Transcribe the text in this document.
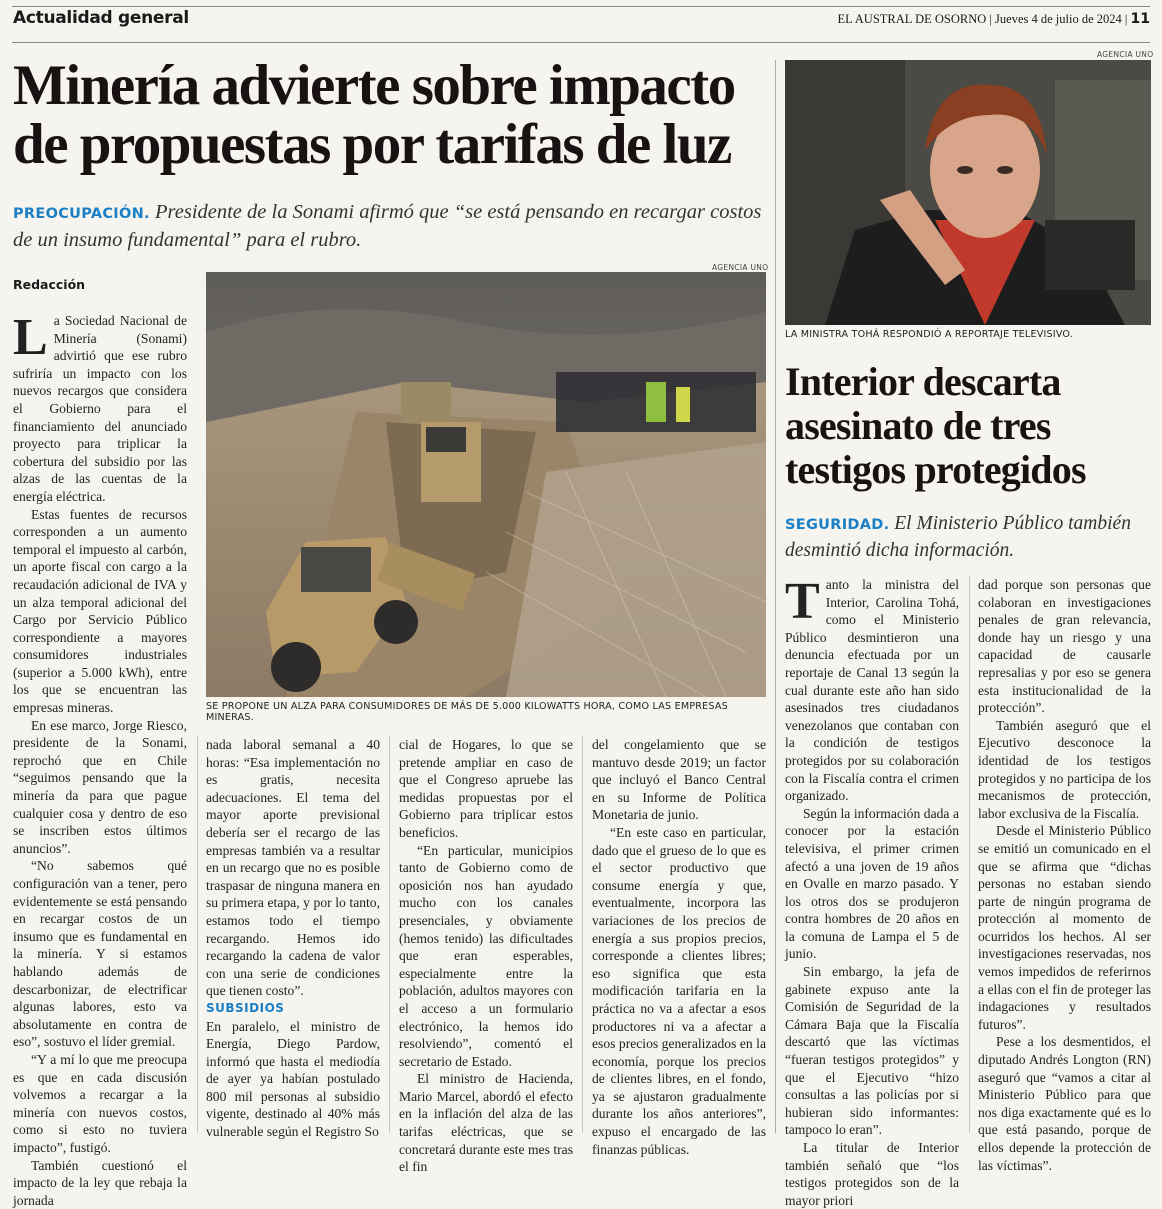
Actualidad general	EL AUSTRAL DE OSORNO | Jueves 4 de julio de 2024 | 11
Minería advierte sobre impacto de propuestas por tarifas de luz
PREOCUPACIÓN. Presidente de la Sonami afirmó que “se está pensando en recargar costos de un insumo fundamental” para el rubro.
Redacción

La Sociedad Nacional de Minería (Sonami) advirtió que ese rubro sufriría un impacto con los nuevos recargos que considera el Gobierno para el financiamiento del anunciado proyecto para triplicar la cobertura del subsidio por las alzas de las cuentas de la energía eléctrica.

Estas fuentes de recursos corresponden a un aumento temporal el impuesto al carbón, un aporte fiscal con cargo a la recaudación adicional de IVA y un alza temporal adicional del Cargo por Servicio Público correspondiente a mayores consumidores industriales (superior a 5.000 kWh), entre los que se encuentran las empresas mineras.

En ese marco, Jorge Riesco, presidente de la Sonami, reprochó que en Chile “seguimos pensando que la minería da para que pague cualquier cosa y dentro de eso se inscriben estos últimos anuncios”.

“No sabemos qué configuración van a tener, pero evidentemente se está pensando en recargar costos de un insumo que es fundamental en la minería. Y si estamos hablando además de descarbonizar, de electrificar algunas labores, esto va absolutamente en contra de eso”, sostuvo el líder gremial.

“Y a mí lo que me preocupa es que en cada discusión volvemos a recargar a la minería con nuevos costos, como si esto no tuviera impacto”, fustigó.

También cuestionó el impacto de la ley que rebaja la jornada

AGENCIA UNO
SE PROPONE UN ALZA PARA CONSUMIDORES DE MÁS DE 5.000 KILOWATTS HORA, COMO LAS EMPRESAS MINERAS.

nada laboral semanal a 40 horas: “Esa implementación no es gratis, necesita adecuaciones. El tema del mayor aporte previsional debería ser el recargo de las empresas también va a resultar en un recargo que no es posible traspasar de ninguna manera en su primera etapa, y por lo tanto, estamos todo el tiempo recargando. Hemos ido recargando la cadena de valor con una serie de condiciones que tienen costo”.

SUBSIDIOS

En paralelo, el ministro de Energía, Diego Pardow, informó que hasta el mediodía de ayer ya habían postulado 800 mil personas al subsidio vigente, destinado al 40% más vulnerable según el Registro So

cial de Hogares, lo que se pretende ampliar en caso de que el Congreso apruebe las medidas propuestas por el Gobierno para triplicar estos beneficios.

“En particular, municipios tanto de Gobierno como de oposición nos han ayudado mucho con los canales presenciales, y obviamente (hemos tenido) las dificultades que eran esperables, especialmente entre la población, adultos mayores con el acceso a un formulario electrónico, la hemos ido resolviendo”, comentó el secretario de Estado.

El ministro de Hacienda, Mario Marcel, abordó el efecto en la inflación del alza de las tarifas eléctricas, que se concretará durante este mes tras el fin

del congelamiento que se mantuvo desde 2019; un factor que incluyó el Banco Central en su Informe de Política Monetaria de junio.

“En este caso en particular, dado que el grueso de lo que es el sector productivo que consume energía y que, eventualmente, incorpora las variaciones de los precios de energía a sus propios precios, corresponde a clientes libres; eso significa que esta modificación tarifaria en la práctica no va a afectar a esos productores ni va a afectar a esos precios generalizados en la economía, porque los precios de clientes libres, en el fondo, ya se ajustaron gradualmente durante los años anteriores”, expuso el encargado de las finanzas públicas.

AGENCIA UNO
LA MINISTRA TOHÁ RESPONDIÓ A REPORTAJE TELEVISIVO.
Interior descarta asesinato de tres testigos protegidos
SEGURIDAD. El Ministerio Público también desmintió dicha información.

Tanto la ministra del Interior, Carolina Tohá, como el Ministerio Público desmintieron una denuncia efectuada por un reportaje de Canal 13 según la cual durante este año han sido asesinados tres ciudadanos venezolanos que contaban con la condición de testigos protegidos por su colaboración con la Fiscalía contra el crimen organizado.

Según la información dada a conocer por la estación televisiva, el primer crimen afectó a una joven de 19 años en Ovalle en marzo pasado. Y los otros dos se produjeron contra hombres de 20 años en la comuna de Lampa el 5 de junio.

Sin embargo, la jefa de gabinete expuso ante la Comisión de Seguridad de la Cámara Baja que la Fiscalía descartó que las víctimas “fueran testigos protegidos” y que el Ejecutivo “hizo consultas a las policías por si hubieran sido informantes: tampoco lo eran”.

La titular de Interior también señaló que “los testigos protegidos son de la mayor priori

dad porque son personas que colaboran en investigaciones penales de gran relevancia, donde hay un riesgo y una capacidad de causarle represalias y por eso se genera esta institucionalidad de la protección”.

También aseguró que el Ejecutivo desconoce la identidad de los testigos protegidos y no participa de los mecanismos de protección, labor exclusiva de la Fiscalía.

Desde el Ministerio Público se emitió un comunicado en el que se afirma que “dichas personas no estaban siendo parte de ningún programa de protección al momento de ocurridos los hechos. Al ser investigaciones reservadas, nos vemos impedidos de referirnos a ellas con el fin de proteger las indagaciones y resultados futuros”.

Pese a los desmentidos, el diputado Andrés Longton (RN) aseguró que “vamos a citar al Ministerio Público para que nos diga exactamente qué es lo que está pasando, porque de ellos depende la protección de las víctimas”.
